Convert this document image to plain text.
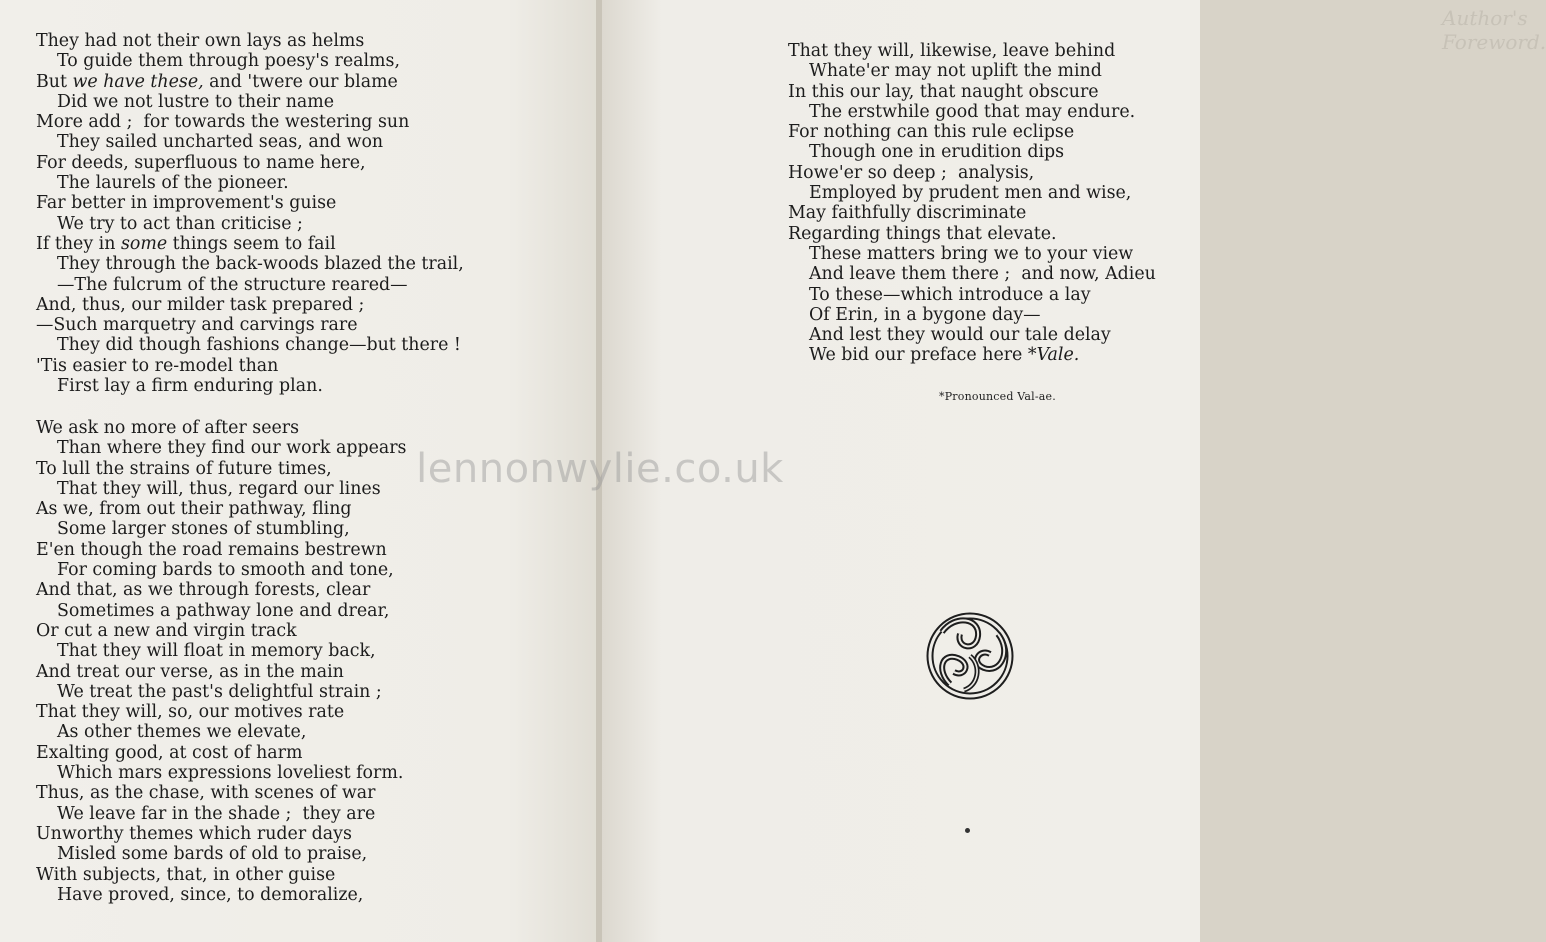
They had not their own lays as helms
To guide them through poesy's realms,
But we have these, and 'twere our blame
Did we not lustre to their name
More add ;  for towards the westering sun
They sailed uncharted seas, and won
For deeds, superfluous to name here,
The laurels of the pioneer.
Far better in improvement's guise
We try to act than criticise ;
If they in some things seem to fail
They through the back-woods blazed the trail,
—The fulcrum of the structure reared—
And, thus, our milder task prepared ;
—Such marquetry and carvings rare
They did though fashions change—but there !
'Tis easier to re-model than
First lay a firm enduring plan.
We ask no more of after seers
Than where they find our work appears
To lull the strains of future times,
That they will, thus, regard our lines
As we, from out their pathway, fling
Some larger stones of stumbling,
E'en though the road remains bestrewn
For coming bards to smooth and tone,
And that, as we through forests, clear
Sometimes a pathway lone and drear,
Or cut a new and virgin track
That they will float in memory back,
And treat our verse, as in the main
We treat the past's delightful strain ;
That they will, so, our motives rate
As other themes we elevate,
Exalting good, at cost of harm
Which mars expressions loveliest form.
Thus, as the chase, with scenes of war
We leave far in the shade ;  they are
Unworthy themes which ruder days
Misled some bards of old to praise,
With subjects, that, in other guise
Have proved, since, to demoralize,
Author's Foreword.
That they will, likewise, leave behind
Whate'er may not uplift the mind
In this our lay, that naught obscure
The erstwhile good that may endure.
For nothing can this rule eclipse
Though one in erudition dips
Howe'er so deep ;  analysis,
Employed by prudent men and wise,
May faithfully discriminate
Regarding things that elevate.
These matters bring we to your view
And leave them there ;  and now, Adieu
To these—which introduce a lay
Of Erin, in a bygone day—
And lest they would our tale delay
We bid our preface here *Vale.
*Pronounced Val-ae.
lennonwylie.co.uk
